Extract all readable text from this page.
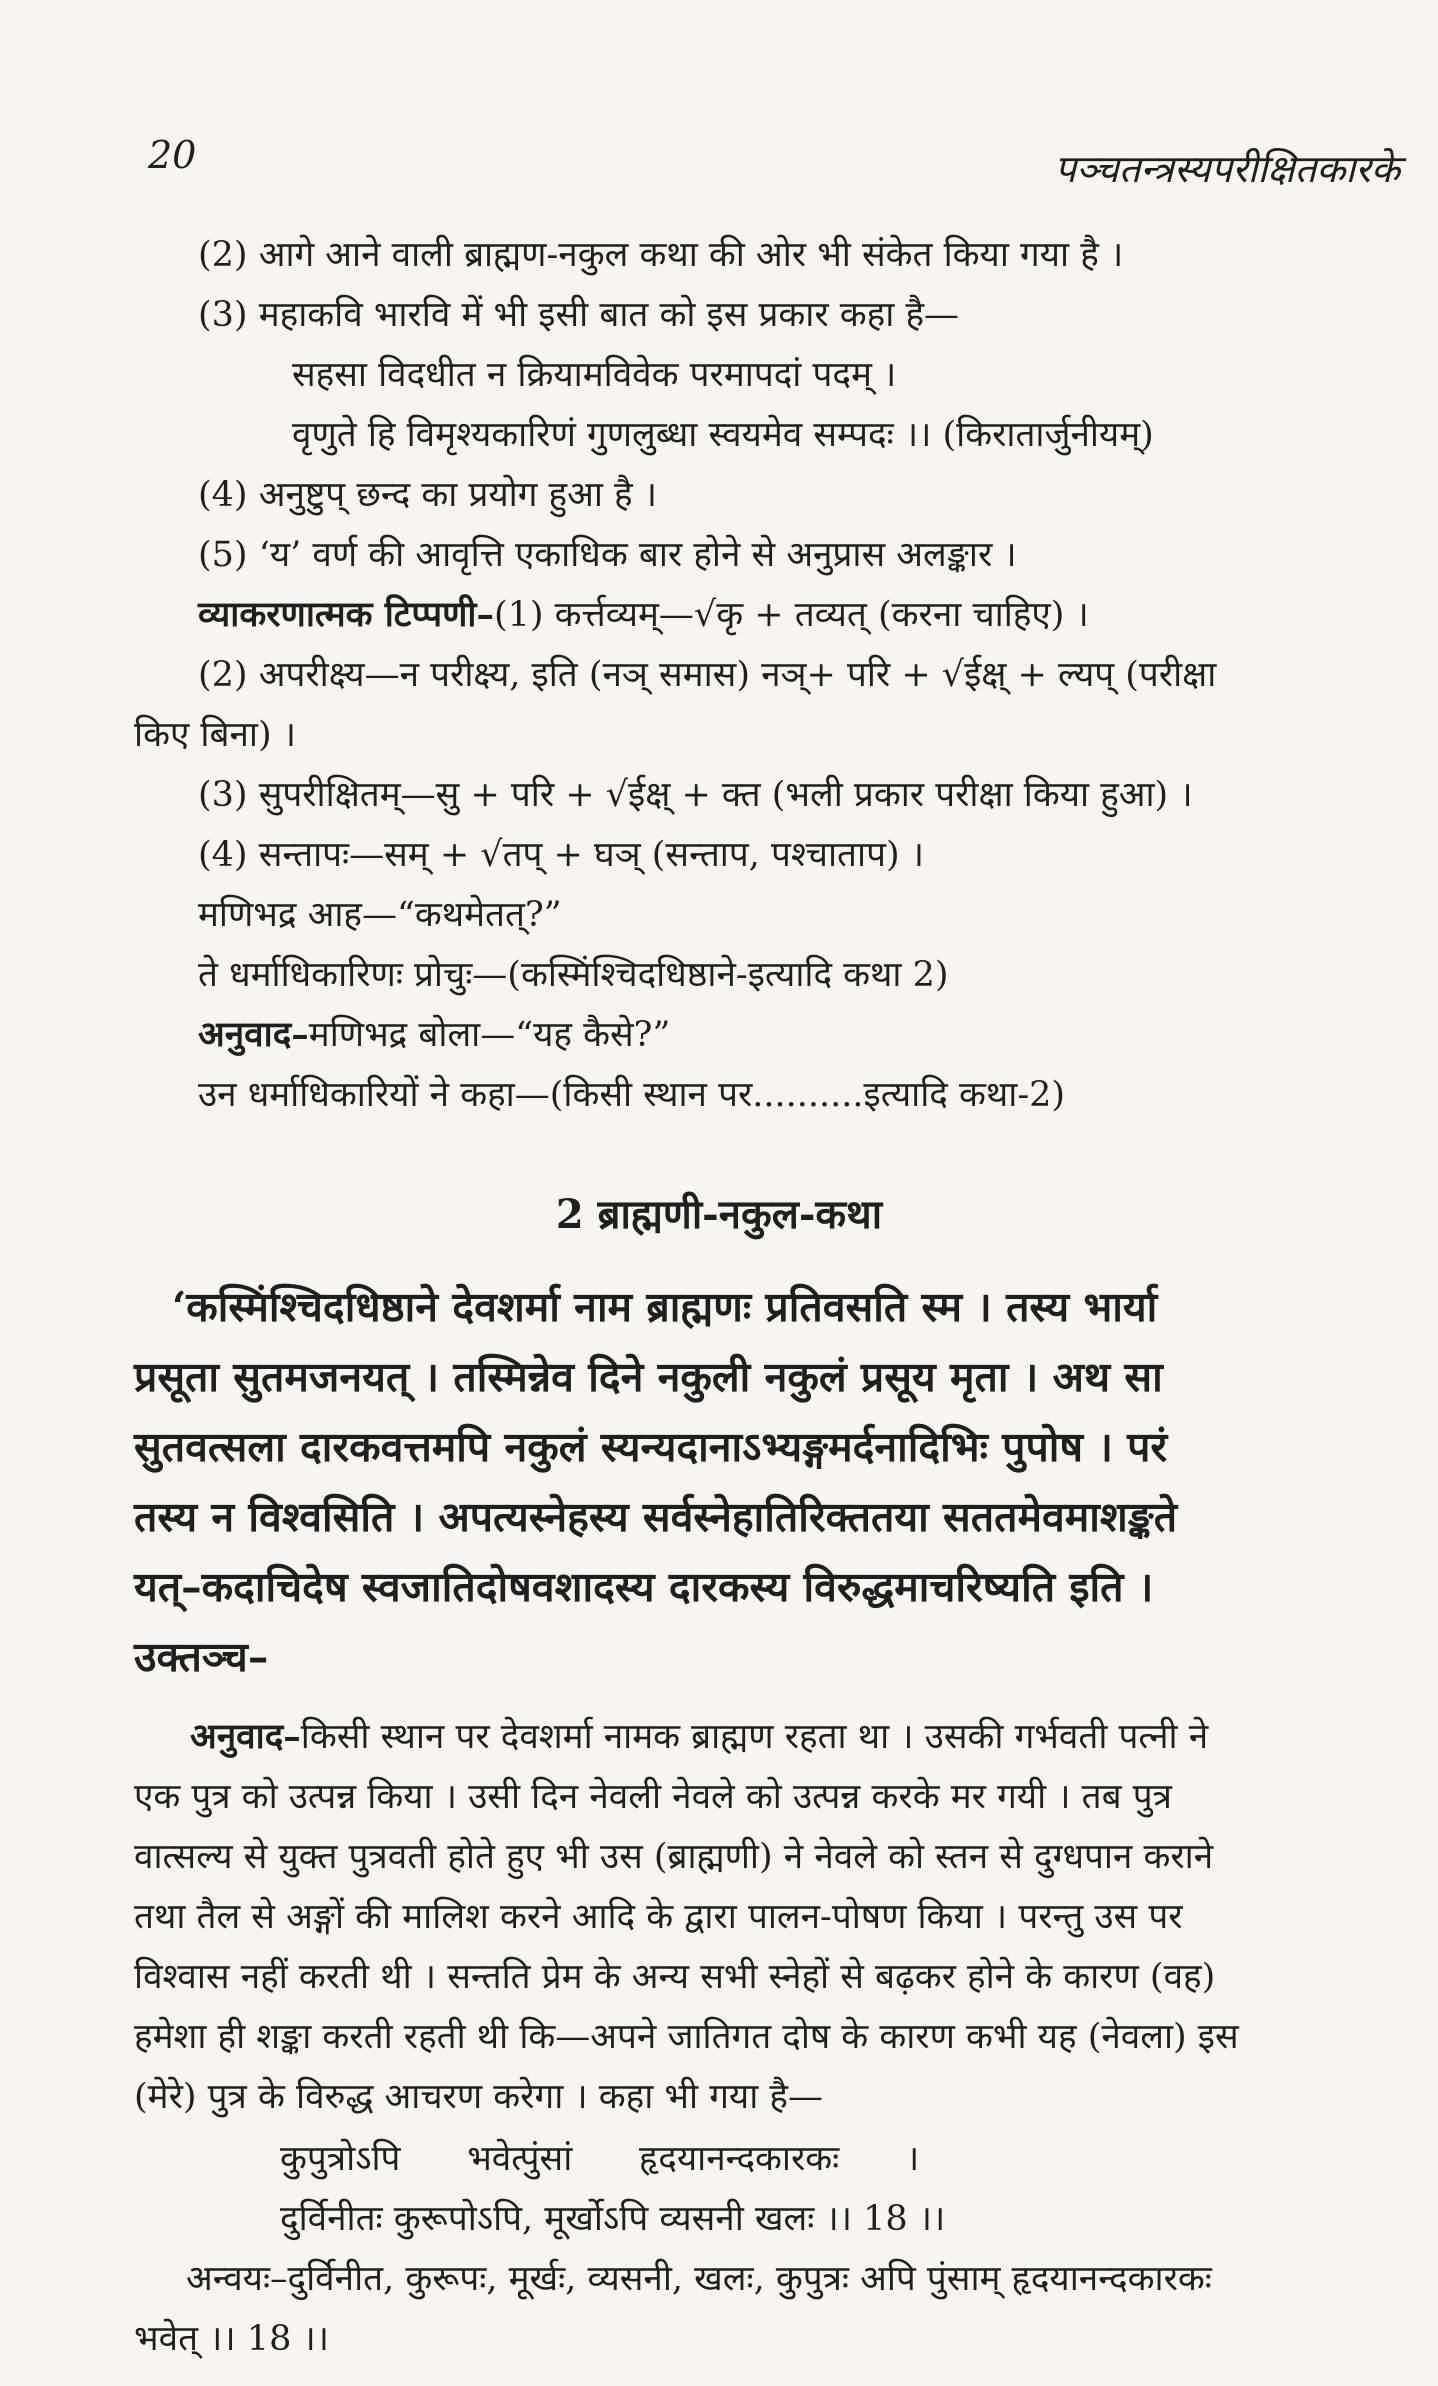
20	पञ्चतन्त्रस्यपरीक्षितकारके
(2) आगे आने वाली ब्राह्मण-नकुल कथा की ओर भी संकेत किया गया है ।
(3) महाकवि भारवि में भी इसी बात को इस प्रकार कहा है—
सहसा विदधीत न क्रियामविवेक परमापदां पदम् ।
वृणुते हि विमृश्यकारिणं गुणलुब्धा स्वयमेव सम्पदः ।। (किरातार्जुनीयम्)
(4) अनुष्टुप् छन्द का प्रयोग हुआ है ।
(5) ‘य’ वर्ण की आवृत्ति एकाधिक बार होने से अनुप्रास अलङ्कार ।
व्याकरणात्मक टिप्पणी–(1) कर्त्तव्यम्—√कृ + तव्यत् (करना चाहिए) ।
(2) अपरीक्ष्य—न परीक्ष्य, इति (नञ् समास) नञ्+ परि + √ईक्ष् + ल्यप् (परीक्षा
किए बिना) ।
(3) सुपरीक्षितम्—सु + परि + √ईक्ष् + क्त (भली प्रकार परीक्षा किया हुआ) ।
(4) सन्तापः—सम् + √तप् + घञ् (सन्ताप, पश्चाताप) ।
मणिभद्र आह—“कथमेतत्?”
ते धर्माधिकारिणः प्रोचुः—(कस्मिंश्चिदधिष्ठाने-इत्यादि कथा 2)
अनुवाद–मणिभद्र बोला—“यह कैसे?”
उन धर्माधिकारियों ने कहा—(किसी स्थान पर..........इत्यादि कथा-2)
2 ब्राह्मणी-नकुल-कथा
‘कस्मिंश्चिदधिष्ठाने देवशर्मा नाम ब्राह्मणः प्रतिवसति स्म । तस्य भार्या
प्रसूता सुतमजनयत् । तस्मिन्नेव दिने नकुली नकुलं प्रसूय मृता । अथ सा
सुतवत्सला दारकवत्तमपि नकुलं स्यन्यदानाऽभ्यङ्गमर्दनादिभिः पुपोष । परं
तस्य न विश्वसिति । अपत्यस्नेहस्य सर्वस्नेहातिरिक्ततया सततमेवमाशङ्कते
यत्–कदाचिदेष स्वजातिदोषवशादस्य दारकस्य विरुद्धमाचरिष्यति इति ।
उक्तञ्च–
अनुवाद–किसी स्थान पर देवशर्मा नामक ब्राह्मण रहता था । उसकी गर्भवती पत्नी ने
एक पुत्र को उत्पन्न किया । उसी दिन नेवली नेवले को उत्पन्न करके मर गयी । तब पुत्र
वात्सल्य से युक्त पुत्रवती होते हुए भी उस (ब्राह्मणी) ने नेवले को स्तन से दुग्धपान कराने
तथा तैल से अङ्गों की मालिश करने आदि के द्वारा पालन-पोषण किया । परन्तु उस पर
विश्वास नहीं करती थी । सन्तति प्रेम के अन्य सभी स्नेहों से बढ़कर होने के कारण (वह)
हमेशा ही शङ्का करती रहती थी कि—अपने जातिगत दोष के कारण कभी यह (नेवला) इस
(मेरे) पुत्र के विरुद्ध आचरण करेगा । कहा भी गया है—
कुपुत्रोऽपि      भवेत्पुंसां      हृदयानन्दकारकः      ।
दुर्विनीतः कुरूपोऽपि, मूर्खोऽपि व्यसनी खलः ।। 18 ।।
अन्वयः–दुर्विनीत, कुरूपः, मूर्खः, व्यसनी, खलः, कुपुत्रः अपि पुंसाम् हृदयानन्दकारकः
भवेत् ।। 18 ।।
